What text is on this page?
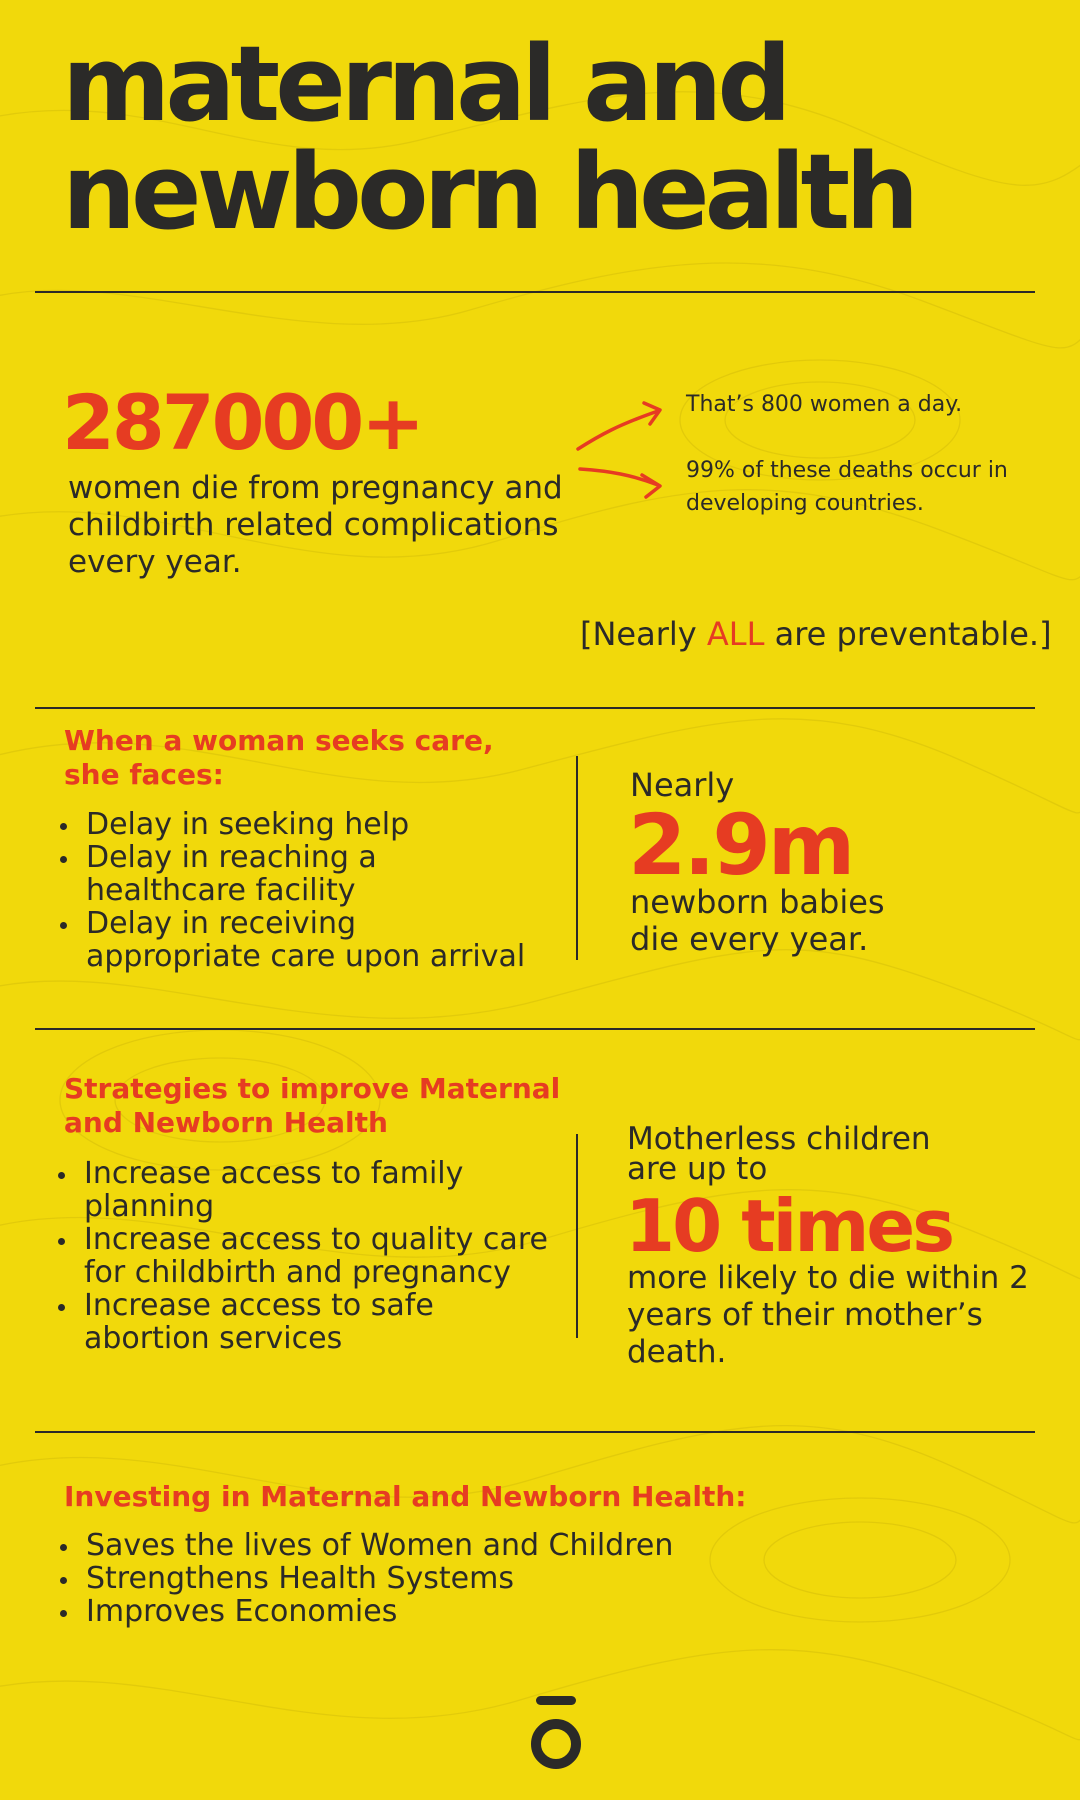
maternal and
newborn health
287000+
women die from pregnancy and childbirth related complications every year.
That’s 800 women a day.
99% of these deaths occur in developing countries.
[Nearly ALL are preventable.]
When a woman seeks care, she faces:
Delay in seeking help
Delay in reaching a healthcare facility
Delay in receiving appropriate care upon arrival
Nearly
2.9m
newborn babies die every year.
Strategies to improve Maternal and Newborn Health
Increase access to family planning
Increase access to quality care for childbirth and pregnancy
Increase access to safe abortion services
Motherless children are up to
10 times
more likely to die within 2 years of their mother’s death.
Investing in Maternal and Newborn Health:
Saves the lives of Women and Children
Strengthens Health Systems
Improves Economies
